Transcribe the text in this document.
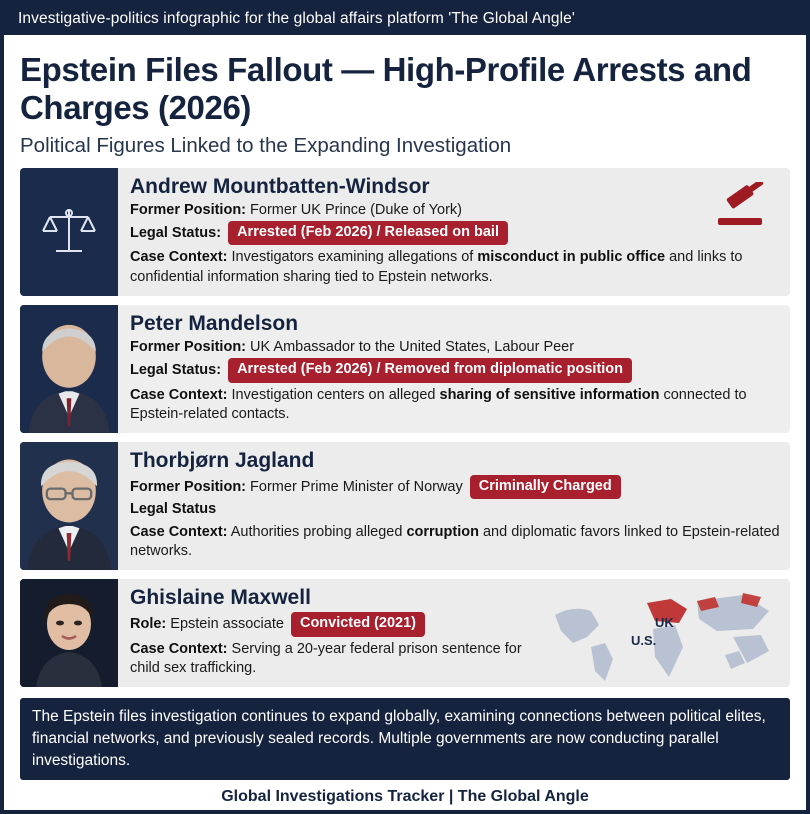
Investigative-politics infographic for the global affairs platform 'The Global Angle'
Epstein Files Fallout — High-Profile Arrests and Charges (2026)
Political Figures Linked to the Expanding Investigation
Andrew Mountbatten-Windsor
Former Position: Former UK Prince (Duke of York)
Legal Status: Arrested (Feb 2026) / Released on bail
Case Context: Investigators examining allegations of misconduct in public office and links to confidential information sharing tied to Epstein networks.
Peter Mandelson
Former Position: UK Ambassador to the United States, Labour Peer
Legal Status: Arrested (Feb 2026) / Removed from diplomatic position
Case Context: Investigation centers on alleged sharing of sensitive information connected to Epstein-related contacts.
Thorbjørn Jagland
Former Position: Former Prime Minister of Norway Criminally Charged
Legal Status
Case Context: Authorities probing alleged corruption and diplomatic favors linked to Epstein-related networks.
UK
U.S.
Ghislaine Maxwell
Role: Epstein associate Convicted (2021)
Case Context: Serving a 20-year federal prison sentence for child sex trafficking.
The Epstein files investigation continues to expand globally, examining connections between political elites, financial networks, and previously sealed records. Multiple governments are now conducting parallel investigations.
Global Investigations Tracker | The Global Angle
